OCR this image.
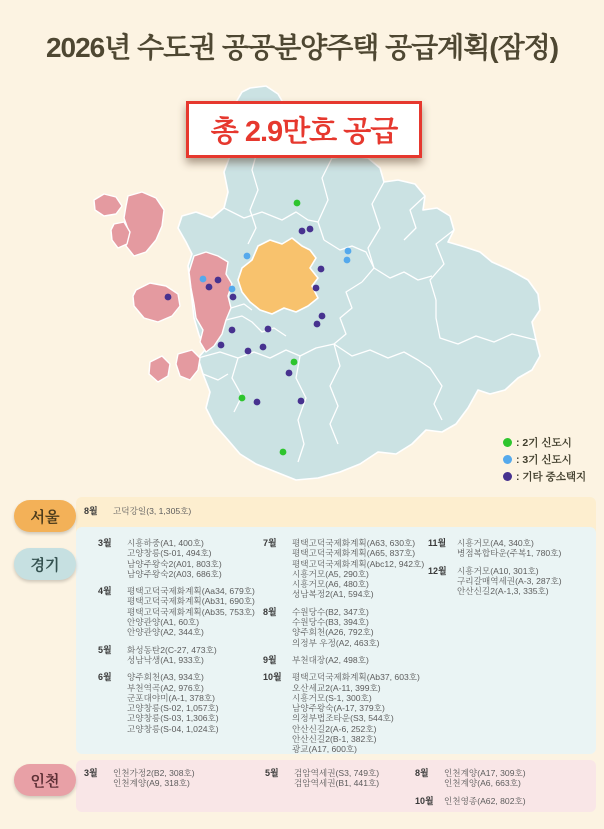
2026년 수도권 공공분양주택 공급계획(잠정)
총 2.9만호 공급
: 2기 신도시
: 3기 신도시
: 기타 중소택지
서울
경기
인천
8월	고덕강일(3, 1,305호)
3월	시흥하중(A1, 400호)
고양창릉(S-01, 494호)
남양주왕숙2(A01, 803호)
남양주왕숙2(A03, 686호)
4월	평택고덕국제화계획(Aa34, 679호)
평택고덕국제화계획(Ab31, 690호)
평택고덕국제화계획(Ab35, 753호)
안양관양(A1, 60호)
안양관양(A2, 344호)
5월	화성동탄2(C-27, 473호)
성남낙생(A1, 933호)
6월	양주회천(A3, 934호)
부천역곡(A2, 976호)
군포대야미(A-1, 378호)
고양창릉(S-02, 1,057호)
고양창릉(S-03, 1,306호)
고양창릉(S-04, 1,024호)
7월	평택고덕국제화계획(A63, 630호)
평택고덕국제화계획(A65, 837호)
평택고덕국제화계획(Abc12, 942호)
시흥거모(A5, 290호)
시흥거모(A6, 480호)
성남복정2(A1, 594호)
8월	수원당수(B2, 347호)
수원당수(B3, 394호)
양주회천(A26, 792호)
의정부 우정(A2, 463호)
9월	부천대장(A2, 498호)
10월	평택고덕국제화계획(Ab37, 603호)
오산세교2(A-11, 399호)
시흥거모(S-1, 300호)
남양주왕숙(A-17, 379호)
의정부법조타운(S3, 544호)
안산신길2(A-6, 252호)
안산신길2(B-1, 382호)
광교(A17, 600호)
11월	시흥거모(A4, 340호)
병점복합타운(주복1, 780호)
12월	시흥거모(A10, 301호)
구리갈매역세권(A-3, 287호)
안산신길2(A-1,3, 335호)
3월	인천가정2(B2, 308호)
인천계양(A9, 318호)
5월	검암역세권(S3, 749호)
검암역세권(B1, 441호)
8월	인천계양(A17, 309호)
인천계양(A6, 663호)
10월	인천영종(A62, 802호)
